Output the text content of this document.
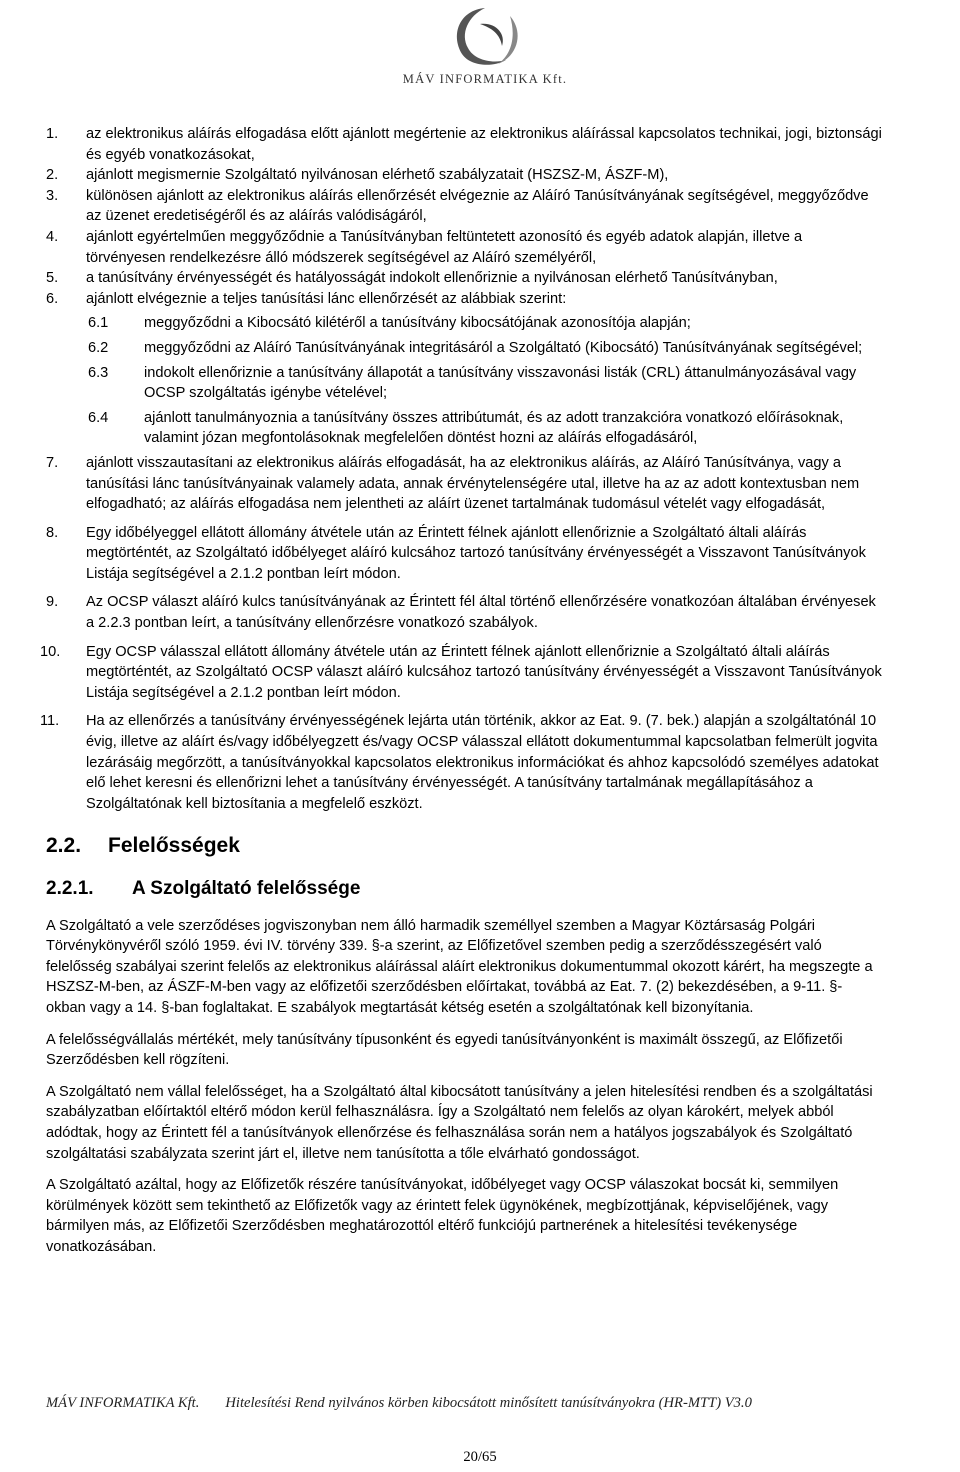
MÁV INFORMATIKA Kft.
1. az elektronikus aláírás elfogadása előtt ajánlott megértenie az elektronikus aláírással kapcsolatos technikai, jogi, biztonsági és egyéb vonatkozásokat,
2. ajánlott megismernie Szolgáltató nyilvánosan elérhető szabályzatait (HSZSZ-M, ÁSZF-M),
3. különösen ajánlott az elektronikus aláírás ellenőrzését elvégeznie az Aláíró Tanúsítványának segítségével, meggyőződve az üzenet eredetiségéről és az aláírás valódiságáról,
4. ajánlott egyértelműen meggyőződnie a Tanúsítványban feltüntetett azonosító és egyéb adatok alapján, illetve a törvényesen rendelkezésre álló módszerek segítségével az Aláíró személyéről,
5. a tanúsítvány érvényességét és hatályosságát indokolt ellenőriznie a nyilvánosan elérhető Tanúsítványban,
6. ajánlott elvégeznie a teljes tanúsítási lánc ellenőrzését az alábbiak szerint:
6.1 meggyőződni a Kibocsátó kilétéről a tanúsítvány kibocsátójának azonosítója alapján;
6.2 meggyőződni az Aláíró Tanúsítványának integritásáról a Szolgáltató (Kibocsátó) Tanúsítványának segítségével;
6.3 indokolt ellenőriznie a tanúsítvány állapotát a tanúsítvány visszavonási listák (CRL) áttanulmányozásával vagy OCSP szolgáltatás igénybe vételével;
6.4 ajánlott tanulmányoznia a tanúsítvány összes attribútumát, és az adott tranzakcióra vonatkozó előírásoknak, valamint józan megfontolásoknak megfelelően döntést hozni az aláírás elfogadásáról,
7. ajánlott visszautasítani az elektronikus aláírás elfogadását, ha az elektronikus aláírás, az Aláíró Tanúsítványa, vagy a tanúsítási lánc tanúsítványainak valamely adata, annak érvénytelenségére utal, illetve ha az az adott kontextusban nem elfogadható; az aláírás elfogadása nem jelentheti az aláírt üzenet tartalmának tudomásul vételét vagy elfogadását,
8. Egy időbélyeggel ellátott állomány átvétele után az Érintett félnek ajánlott ellenőriznie a Szolgáltató általi aláírás megtörténtét, az Szolgáltató időbélyeget aláíró kulcsához tartozó tanúsítvány érvényességét a Visszavont Tanúsítványok Listája segítségével a 2.1.2 pontban leírt módon.
9. Az OCSP választ aláíró kulcs tanúsítványának az Érintett fél által történő ellenőrzésére vonatkozóan általában érvényesek a 2.2.3 pontban leírt, a tanúsítvány ellenőrzésre vonatkozó szabályok.
10. Egy OCSP válasszal ellátott állomány átvétele után az Érintett félnek ajánlott ellenőriznie a Szolgáltató általi aláírás megtörténtét, az Szolgáltató OCSP választ aláíró kulcsához tartozó tanúsítvány érvényességét a Visszavont Tanúsítványok Listája segítségével a 2.1.2 pontban leírt módon.
11. Ha az ellenőrzés a tanúsítvány érvényességének lejárta után történik, akkor az Eat. 9. (7. bek.) alapján a szolgáltatónál 10 évig, illetve az aláírt és/vagy időbélyegzett és/vagy OCSP válasszal ellátott dokumentummal kapcsolatban felmerült jogvita lezárásáig megőrzött, a tanúsítványokkal kapcsolatos elektronikus információkat és ahhoz kapcsolódó személyes adatokat elő lehet keresni és ellenőrizni lehet a tanúsítvány érvényességét. A tanúsítvány tartalmának megállapításához a Szolgáltatónak kell biztosítania a megfelelő eszközt.
2.2.	Felelősségek
2.2.1.	A Szolgáltató felelőssége
A Szolgáltató a vele szerződéses jogviszonyban nem álló harmadik személlyel szemben a Magyar Köztársaság Polgári Törvénykönyvéről szóló 1959. évi IV. törvény 339. §-a szerint, az Előfizetővel szemben pedig a szerződésszegésért való felelősség szabályai szerint felelős az elektronikus aláírással aláírt elektronikus dokumentummal okozott kárért, ha megszegte a HSZSZ-M-ben, az ÁSZF-M-ben vagy az előfizetői szerződésben előírtakat, továbbá az Eat. 7. (2) bekezdésében, a 9-11. §-okban vagy a 14. §-ban foglaltakat. E szabályok megtartását kétség esetén a szolgáltatónak kell bizonyítania.
A felelősségvállalás mértékét, mely tanúsítvány típusonként és egyedi tanúsítványonként is maximált összegű, az Előfizetői Szerződésben kell rögzíteni.
A Szolgáltató nem vállal felelősséget, ha a Szolgáltató által kibocsátott tanúsítvány a jelen hitelesítési rendben és a szolgáltatási szabályzatban előírtaktól eltérő módon kerül felhasználásra. Így a Szolgáltató nem felelős az olyan károkért, melyek abból adódtak, hogy az Érintett fél a tanúsítványok ellenőrzése és felhasználása során nem a hatályos jogszabályok és Szolgáltató szolgáltatási szabályzata szerint járt el, illetve nem tanúsította a tőle elvárható gondosságot.
A Szolgáltató azáltal, hogy az Előfizetők részére tanúsítványokat, időbélyeget vagy OCSP válaszokat bocsát ki, semmilyen körülmények között sem tekinthető az Előfizetők vagy az érintett felek ügynökének, megbízottjának, képviselőjének, vagy bármilyen más, az Előfizetői Szerződésben meghatározottól eltérő funkciójú partnerének a hitelesítési tevékenysége vonatkozásában.
MÁV INFORMATIKA Kft. Hitelesítési Rend nyilvános körben kibocsátott minősített tanúsítványokra (HR-MTT) V3.0
20/65
